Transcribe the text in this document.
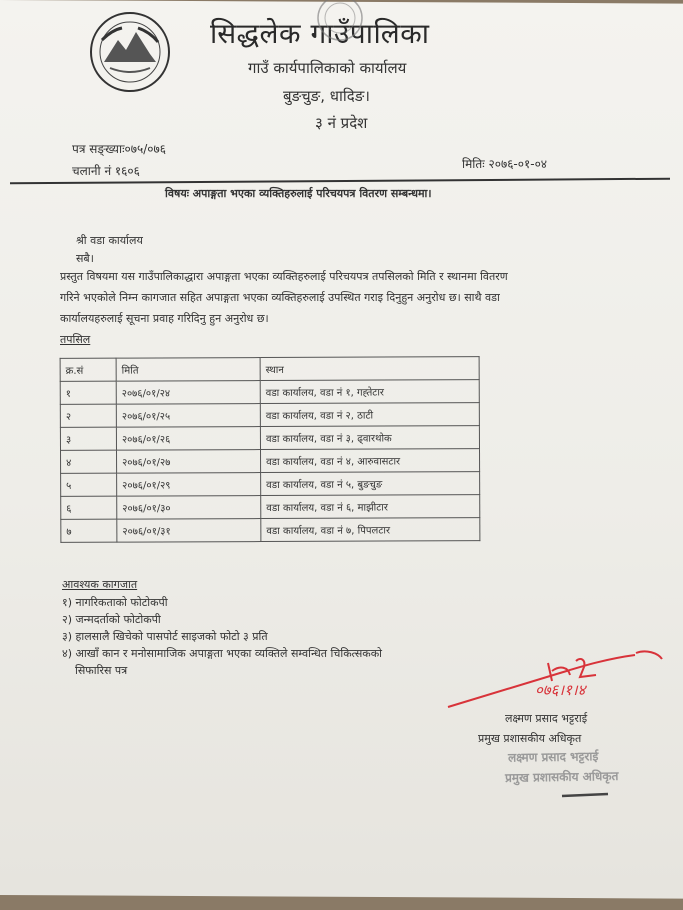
सिद्धलेक गाउँपालिका
गाउँ कार्यपालिकाको कार्यालय
बुङचुङ, धादिङ।
३ नं प्रदेश
पत्र सङ्ख्याः०७५/०७६
चलानी नं १६०६	मितिः २०७६-०१-०४
विषयः अपाङ्गता भएका व्यक्तिहरुलाई परिचयपत्र वितरण सम्बन्धमा।
श्री वडा कार्यालय
सबै।
प्रस्तुत विषयमा यस गाउँपालिकाद्धारा अपाङ्गता भएका व्यक्तिहरुलाई परिचयपत्र तपसिलको मिति र स्थानमा वितरण
गरिने भएकोले निम्न कागजात सहित अपाङ्गता भएका व्यक्तिहरुलाई उपस्थित गराइ दिनुहुन अनुरोध छ। साथै वडा
कार्यालयहरुलाई सूचना प्रवाह गरिदिनु हुन अनुरोध छ।
तपसिल
क्र.सं	मिति	स्थान
१	२०७६/०१/२४	वडा कार्यालय, वडा नं १, गह्तेटार
२	२०७६/०१/२५	वडा कार्यालय, वडा नं २, ठाटी
३	२०७६/०१/२६	वडा कार्यालय, वडा नं ३, ढ्वारथोक
४	२०७६/०१/२७	वडा कार्यालय, वडा नं ४, आरुवासटार
५	२०७६/०१/२९	वडा कार्यालय, वडा नं ५, बुङचुङ
६	२०७६/०१/३०	वडा कार्यालय, वडा नं ६, माझीटार
७	२०७६/०१/३१	वडा कार्यालय, वडा नं ७, पिपलटार
आवश्यक कागजात
१) नागरिकताको फोटोकपी
२) जन्मदर्ताको फोटोकपी
३) हालसालै खिचेको पासपोर्ट साइजको फोटो ३ प्रति
४) आखाँ कान र मनोसामाजिक अपाङ्गता भएका व्यक्तिले सम्वन्धित चिकित्सकको
सिफारिस पत्र
०७६।१।४
लक्ष्मण प्रसाद भट्टराई
प्रमुख प्रशासकीय अधिकृत
लक्ष्मण प्रसाद भट्टराई
प्रमुख प्रशासकीय अधिकृत
